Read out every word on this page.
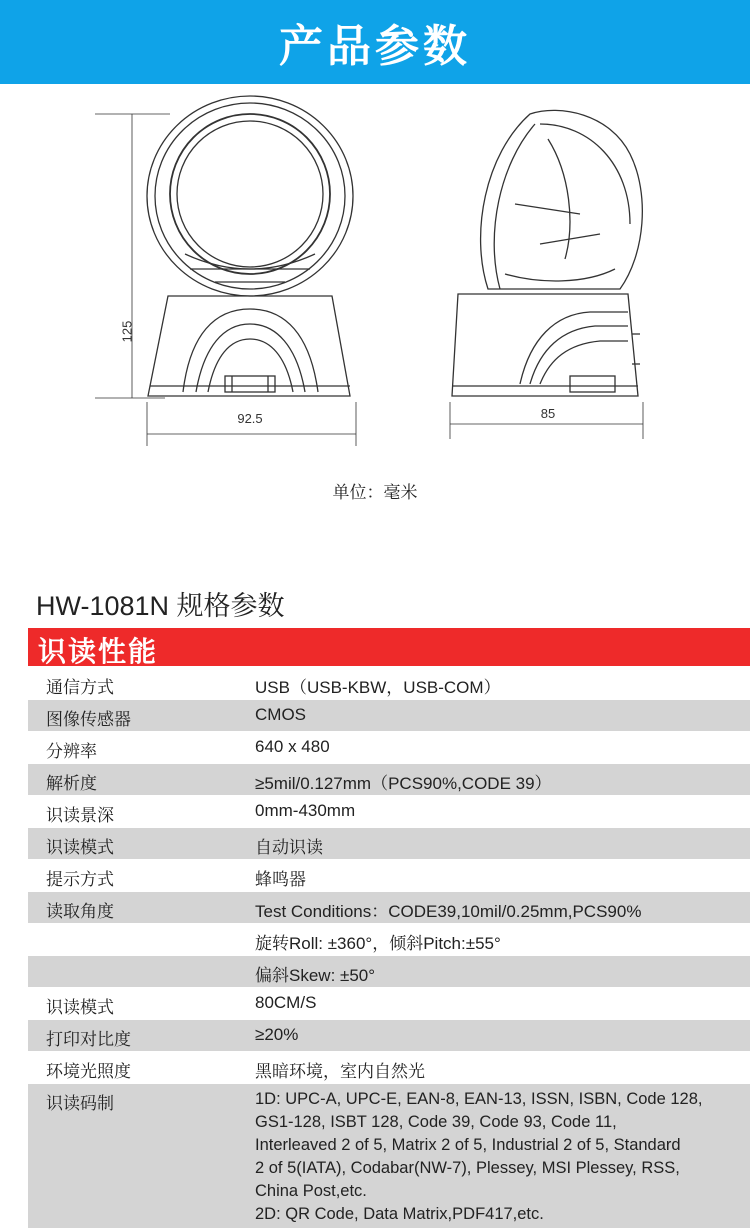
产品参数
125
92.5	85
单位：毫米
HW-1081N 规格参数
识读性能
通信方式	USB（USB-KBW，USB-COM）
图像传感器	CMOS
分辨率	640 x 480
解析度	≥5mil/0.127mm（PCS90%,CODE 39）
识读景深	0mm-430mm
识读模式	自动识读
提示方式	蜂鸣器
读取角度	Test Conditions：CODE39,10mil/0.25mm,PCS90%
旋转Roll: ±360°，倾斜Pitch:±55°
偏斜Skew: ±50°
识读模式	80CM/S
打印对比度	≥20%
环境光照度	黑暗环境，室内自然光
识读码制	1D: UPC-A, UPC-E, EAN-8, EAN-13, ISSN, ISBN, Code 128,
GS1-128, ISBT 128, Code 39, Code 93, Code 11,
Interleaved 2 of 5, Matrix 2 of 5, Industrial 2 of 5, Standard
2 of 5(IATA), Codabar(NW-7), Plessey, MSI Plessey, RSS,
China Post,etc.
2D: QR Code, Data Matrix,PDF417,etc.
